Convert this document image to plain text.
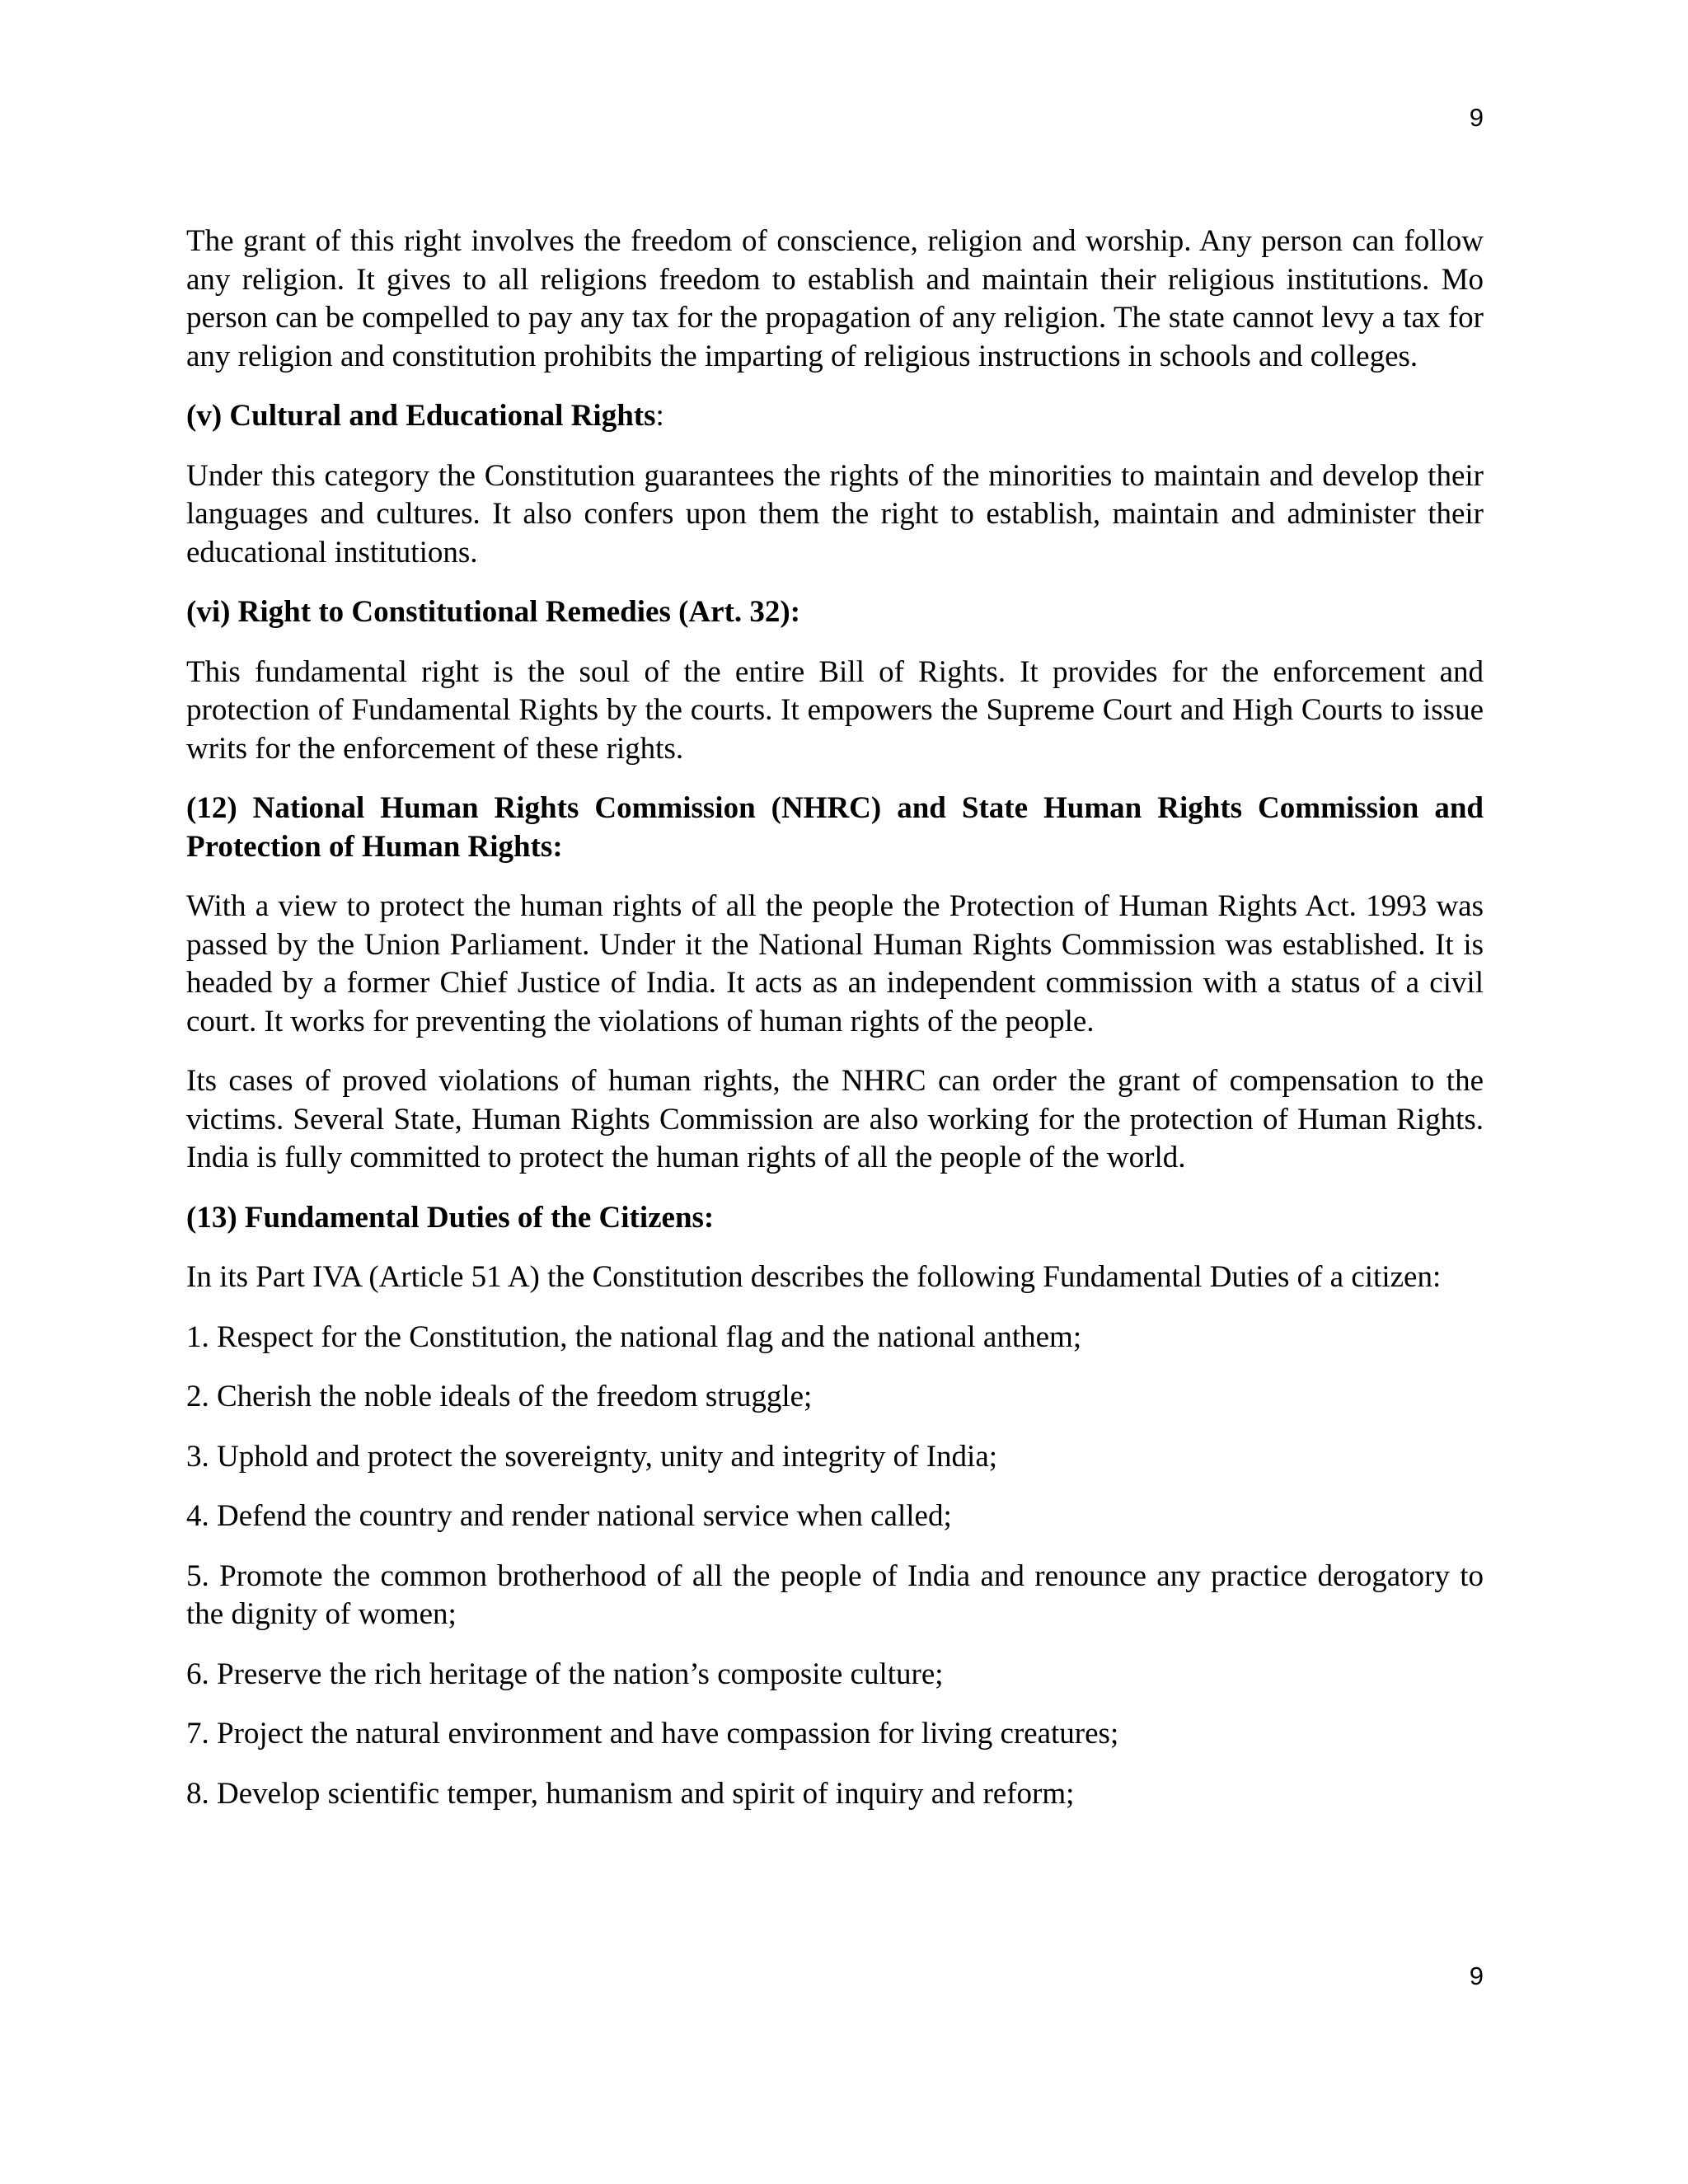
9

The grant of this right involves the freedom of conscience, religion and worship. Any person can follow any religion. It gives to all religions freedom to establish and maintain their religious institutions. Mo person can be compelled to pay any tax for the propagation of any religion. The state cannot levy a tax for any religion and constitution prohibits the imparting of religious instructions in schools and colleges.

(v) Cultural and Educational Rights:

Under this category the Constitution guarantees the rights of the minorities to maintain and develop their languages and cultures. It also confers upon them the right to establish, maintain and administer their educational institutions.

(vi) Right to Constitutional Remedies (Art. 32):

This fundamental right is the soul of the entire Bill of Rights. It provides for the enforcement and protection of Fundamental Rights by the courts. It empowers the Supreme Court and High Courts to issue writs for the enforcement of these rights.

(12) National Human Rights Commission (NHRC) and State Human Rights Commission and Protection of Human Rights:

With a view to protect the human rights of all the people the Protection of Human Rights Act. 1993 was passed by the Union Parliament. Under it the National Human Rights Commission was established. It is headed by a former Chief Justice of India. It acts as an independent commission with a status of a civil court. It works for preventing the violations of human rights of the people.

Its cases of proved violations of human rights, the NHRC can order the grant of compensation to the victims. Several State, Human Rights Commission are also working for the protection of Human Rights. India is fully committed to protect the human rights of all the people of the world.

(13) Fundamental Duties of the Citizens:

In its Part IVA (Article 51 A) the Constitution describes the following Fundamental Duties of a citizen:

1. Respect for the Constitution, the national flag and the national anthem;

2. Cherish the noble ideals of the freedom struggle;

3. Uphold and protect the sovereignty, unity and integrity of India;

4. Defend the country and render national service when called;

5. Promote the common brotherhood of all the people of India and renounce any practice derogatory to the dignity of women;

6. Preserve the rich heritage of the nation’s composite culture;

7. Project the natural environment and have compassion for living creatures;

8. Develop scientific temper, humanism and spirit of inquiry and reform;

9
